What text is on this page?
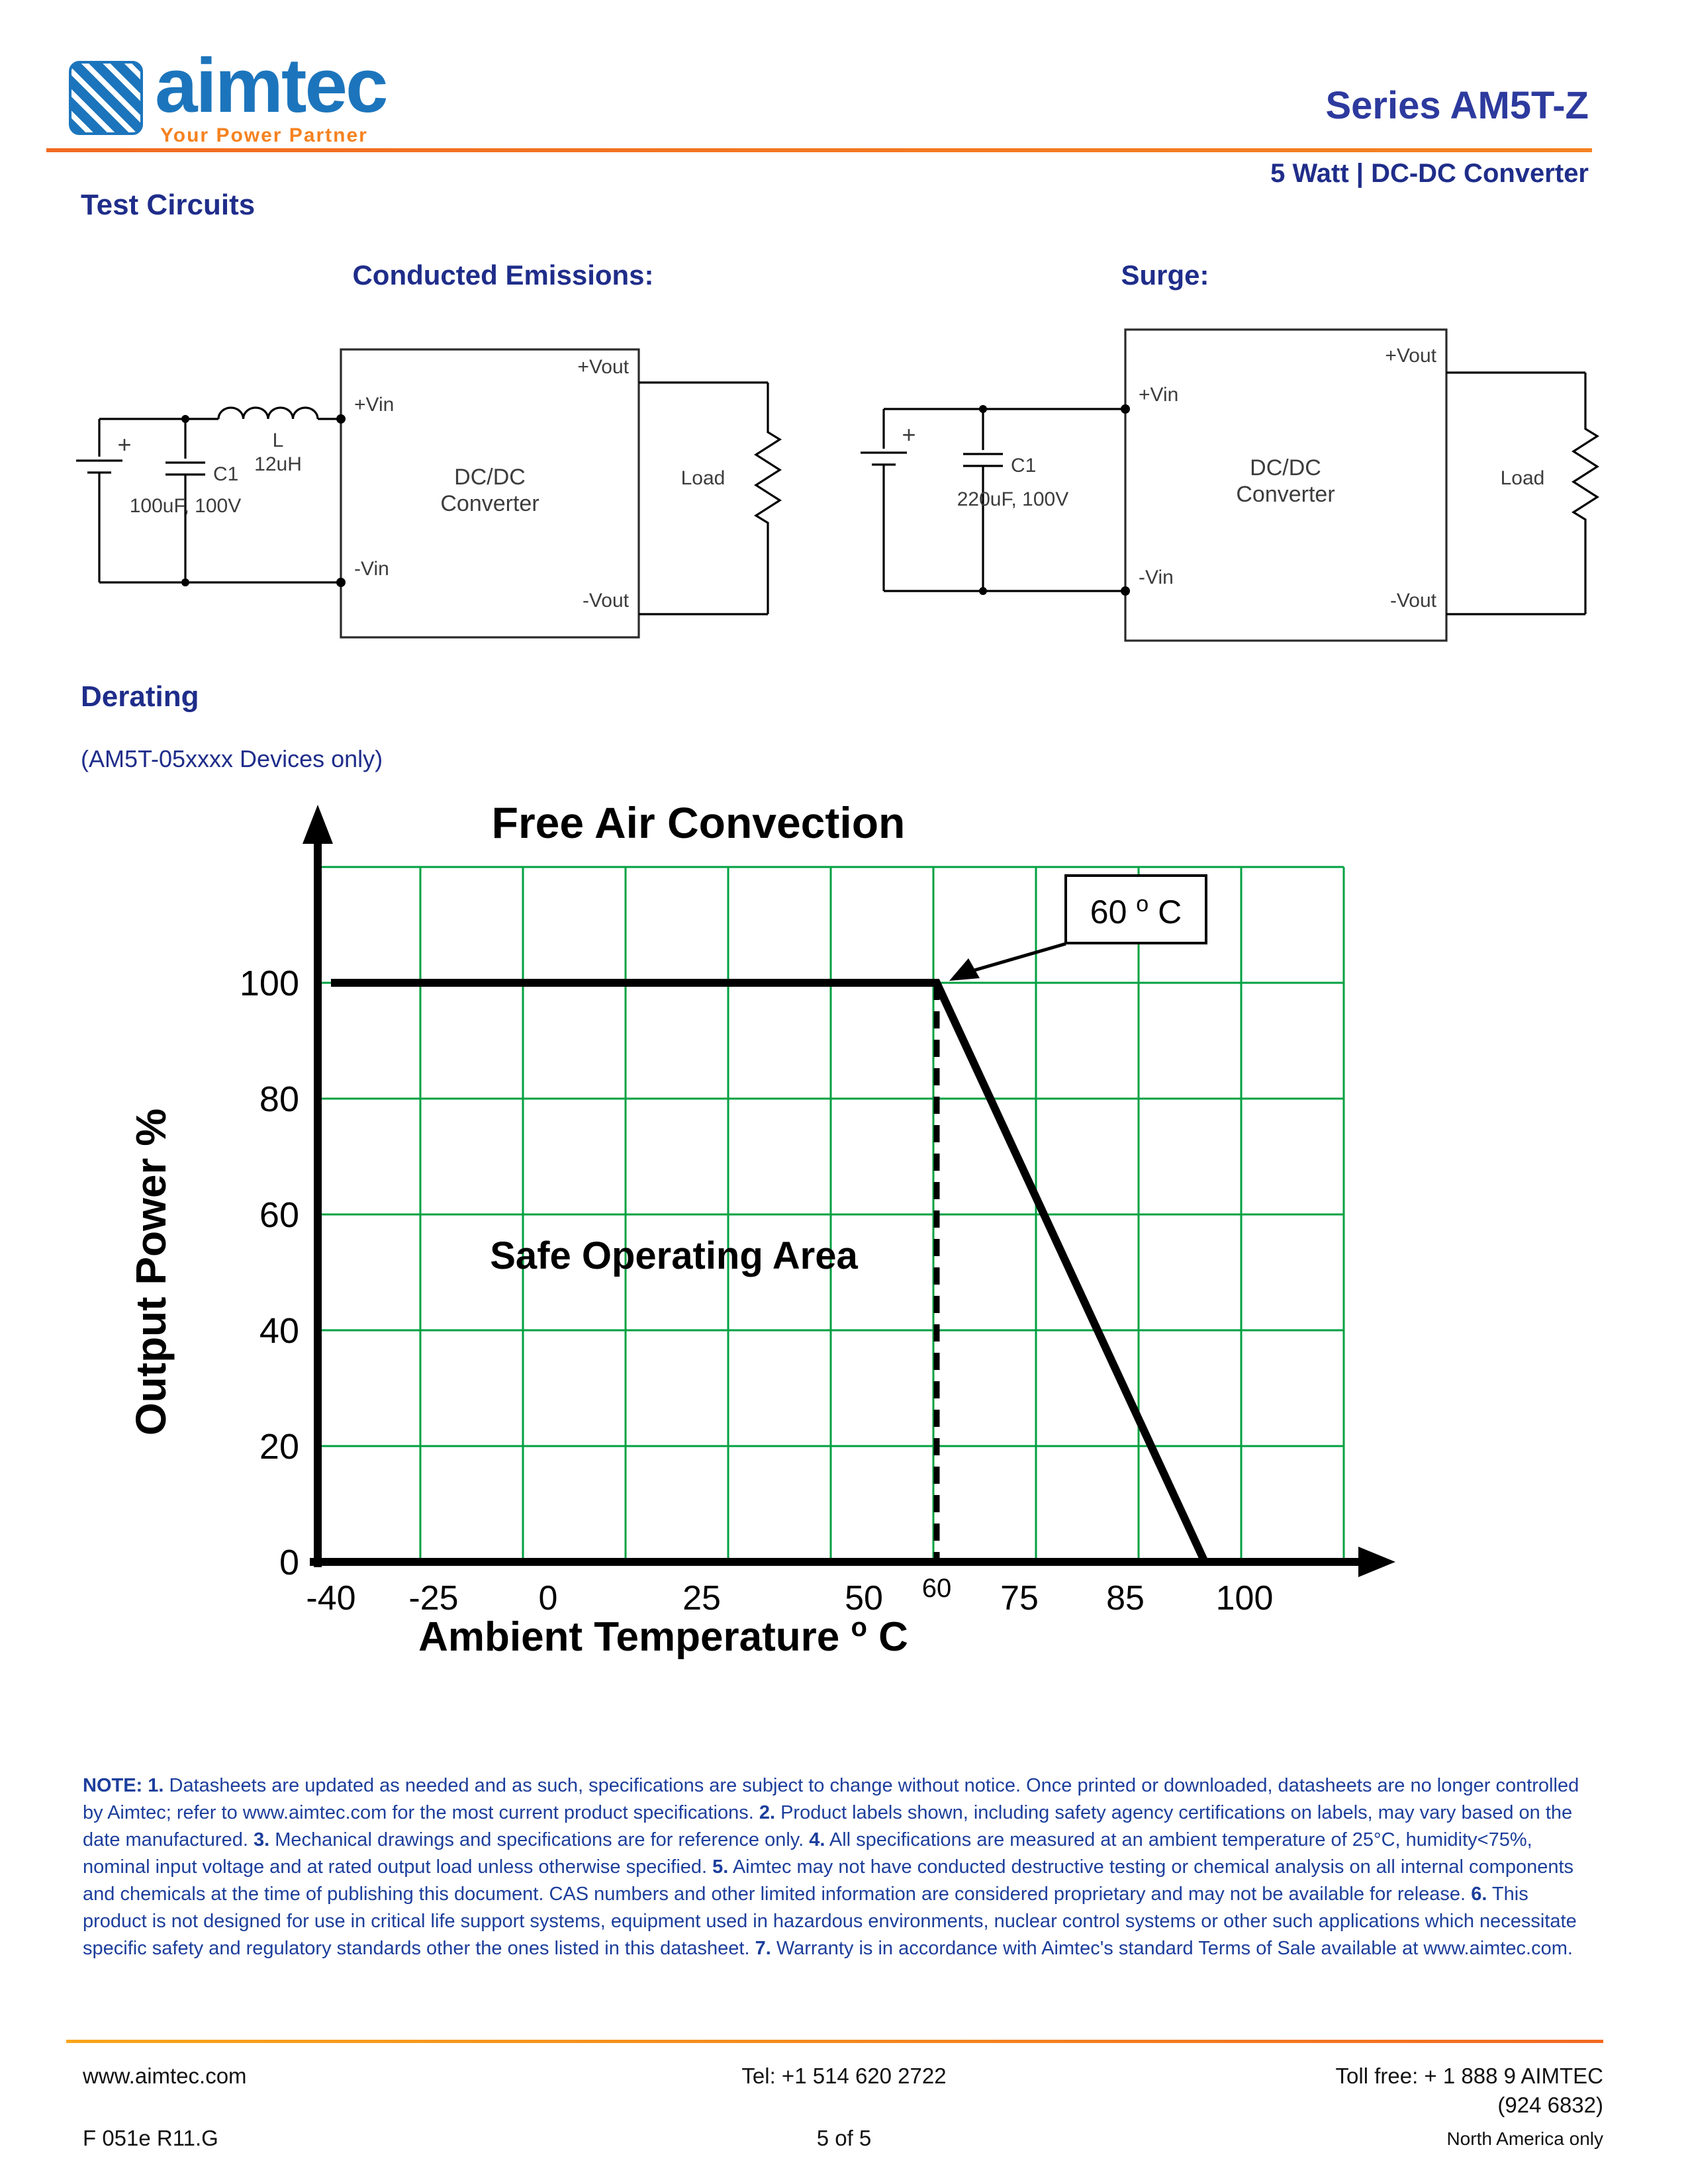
aimtec
Your Power Partner
Series AM5T-Z
5 Watt | DC-DC Converter
Test Circuits
Conducted Emissions:	Surge:
+	L
12uH
C1
100uF, 100V
+Vin
-Vin
+Vout
-Vout
DC/DC
Converter
Load
+
C1
220uF, 100V
+Vin
-Vin
+Vout
-Vout
DC/DC
Converter
Load
Derating
(AM5T-05xxxx Devices only)
60 $^o$ C
Free Air Convection
100
80
60
40
20
0
-40 -25 0	25	50 60 75 85 100
Safe Operating Area
Output Power %
Ambient Temperature $^o$ C
NOTE: 1. Datasheets are updated as needed and as such, specifications are subject to change without notice. Once printed or downloaded, datasheets are no longer controlled by Aimtec; refer to www.aimtec.com for the most current product specifications. 2. Product labels shown, including safety agency certifications on labels, may vary based on the date manufactured. 3. Mechanical drawings and specifications are for reference only. 4. All specifications are measured at an ambient temperature of 25°C, humidity<75%, nominal input voltage and at rated output load unless otherwise specified. 5. Aimtec may not have conducted destructive testing or chemical analysis on all internal components and chemicals at the time of publishing this document. CAS numbers and other limited information are considered proprietary and may not be available for release. 6. This product is not designed for use in critical life support systems, equipment used in hazardous environments, nuclear control systems or other such applications which necessitate specific safety and regulatory standards other the ones listed in this datasheet. 7. Warranty is in accordance with Aimtec's standard Terms of Sale available at www.aimtec.com.
www.aimtec.com	Tel: +1 514 620 2722	Toll free: + 1 888 9 AIMTEC
(924 6832)
F 051e R11.G	5 of 5	North America only
